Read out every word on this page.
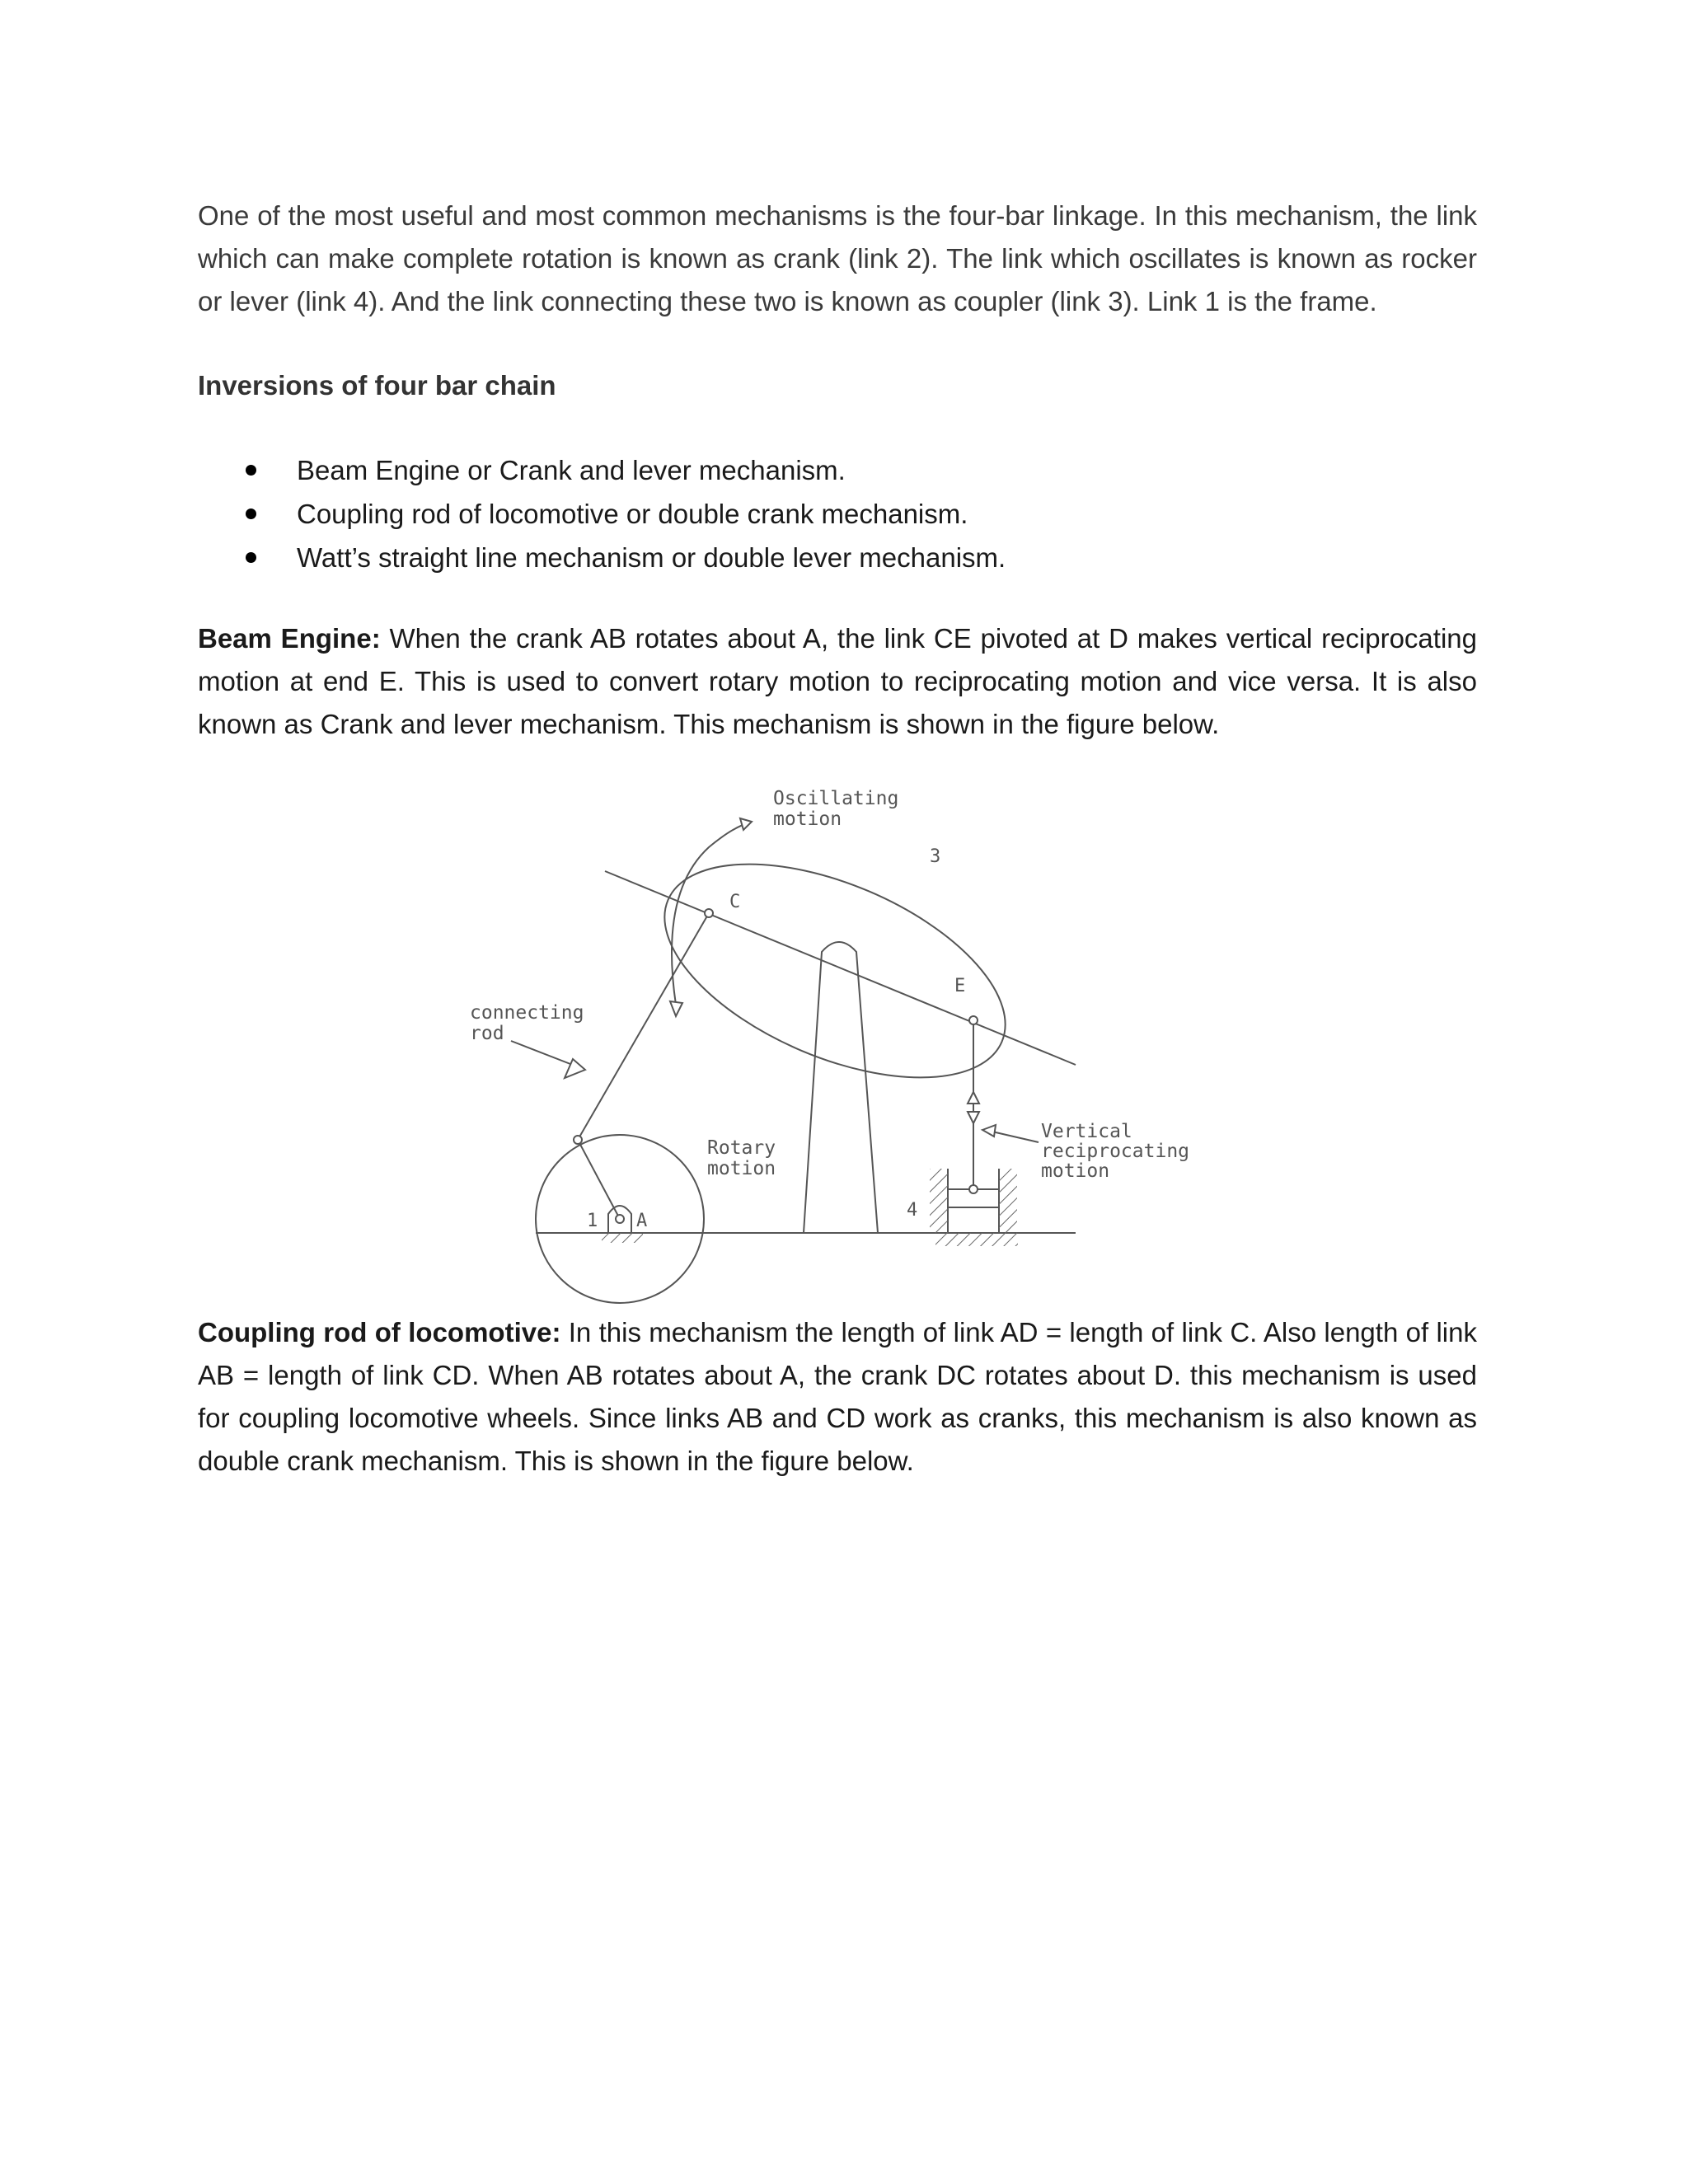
One of the most useful and most common mechanisms is the four-bar linkage. In this mechanism, the link which can make complete rotation is known as crank (link 2). The link which oscillates is known as rocker or lever (link 4). And the link connecting these two is known as coupler (link 3). Link 1 is the frame.

Inversions of four bar chain

Beam Engine or Crank and lever mechanism.
Coupling rod of locomotive or double crank mechanism.
Watt’s straight line mechanism or double lever mechanism.

Beam Engine: When the crank AB rotates about A, the link CE pivoted at D makes vertical reciprocating motion at end E. This is used to convert rotary motion to reciprocating motion and vice versa. It is also known as Crank and lever mechanism. This mechanism is shown in the figure below.

Coupling rod of locomotive: In this mechanism the length of link AD = length of link C. Also length of link AB = length of link CD. When AB rotates about A, the crank DC rotates about D. this mechanism is used for coupling locomotive wheels. Since links AB and CD work as cranks, this mechanism is also known as double crank mechanism. This is shown in the figure below.

Oscillating
motion
3
C
E
connecting
rod
Rotary
motion
Vertical
reciprocating
motion
1 A
4
